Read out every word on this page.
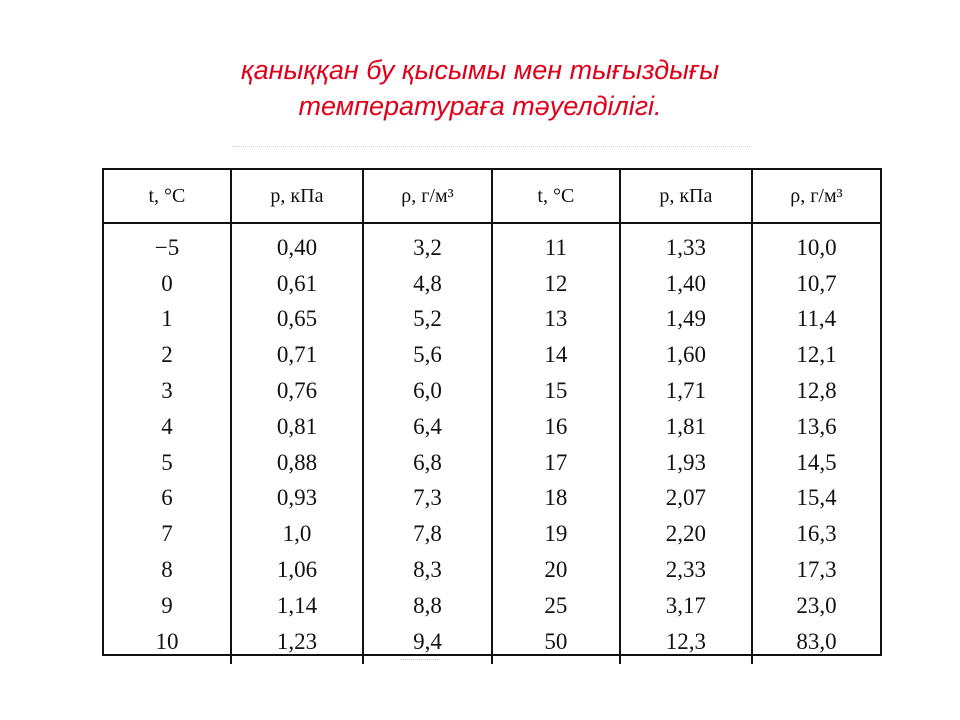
қаныққан бу қысымы мен тығыздығы
температураға тәуелділігі.
t, °C	p, кПа	ρ, г/м³	t, °C	p, кПа	ρ, г/м³
−5	0,40	3,2	11	1,33	10,0
0	0,61	4,8	12	1,40	10,7
1	0,65	5,2	13	1,49	11,4
2	0,71	5,6	14	1,60	12,1
3	0,76	6,0	15	1,71	12,8
4	0,81	6,4	16	1,81	13,6
5	0,88	6,8	17	1,93	14,5
6	0,93	7,3	18	2,07	15,4
7	1,0	7,8	19	2,20	16,3
8	1,06	8,3	20	2,33	17,3
9	1,14	8,8	25	3,17	23,0
10	1,23	9,4	50	12,3	83,0
